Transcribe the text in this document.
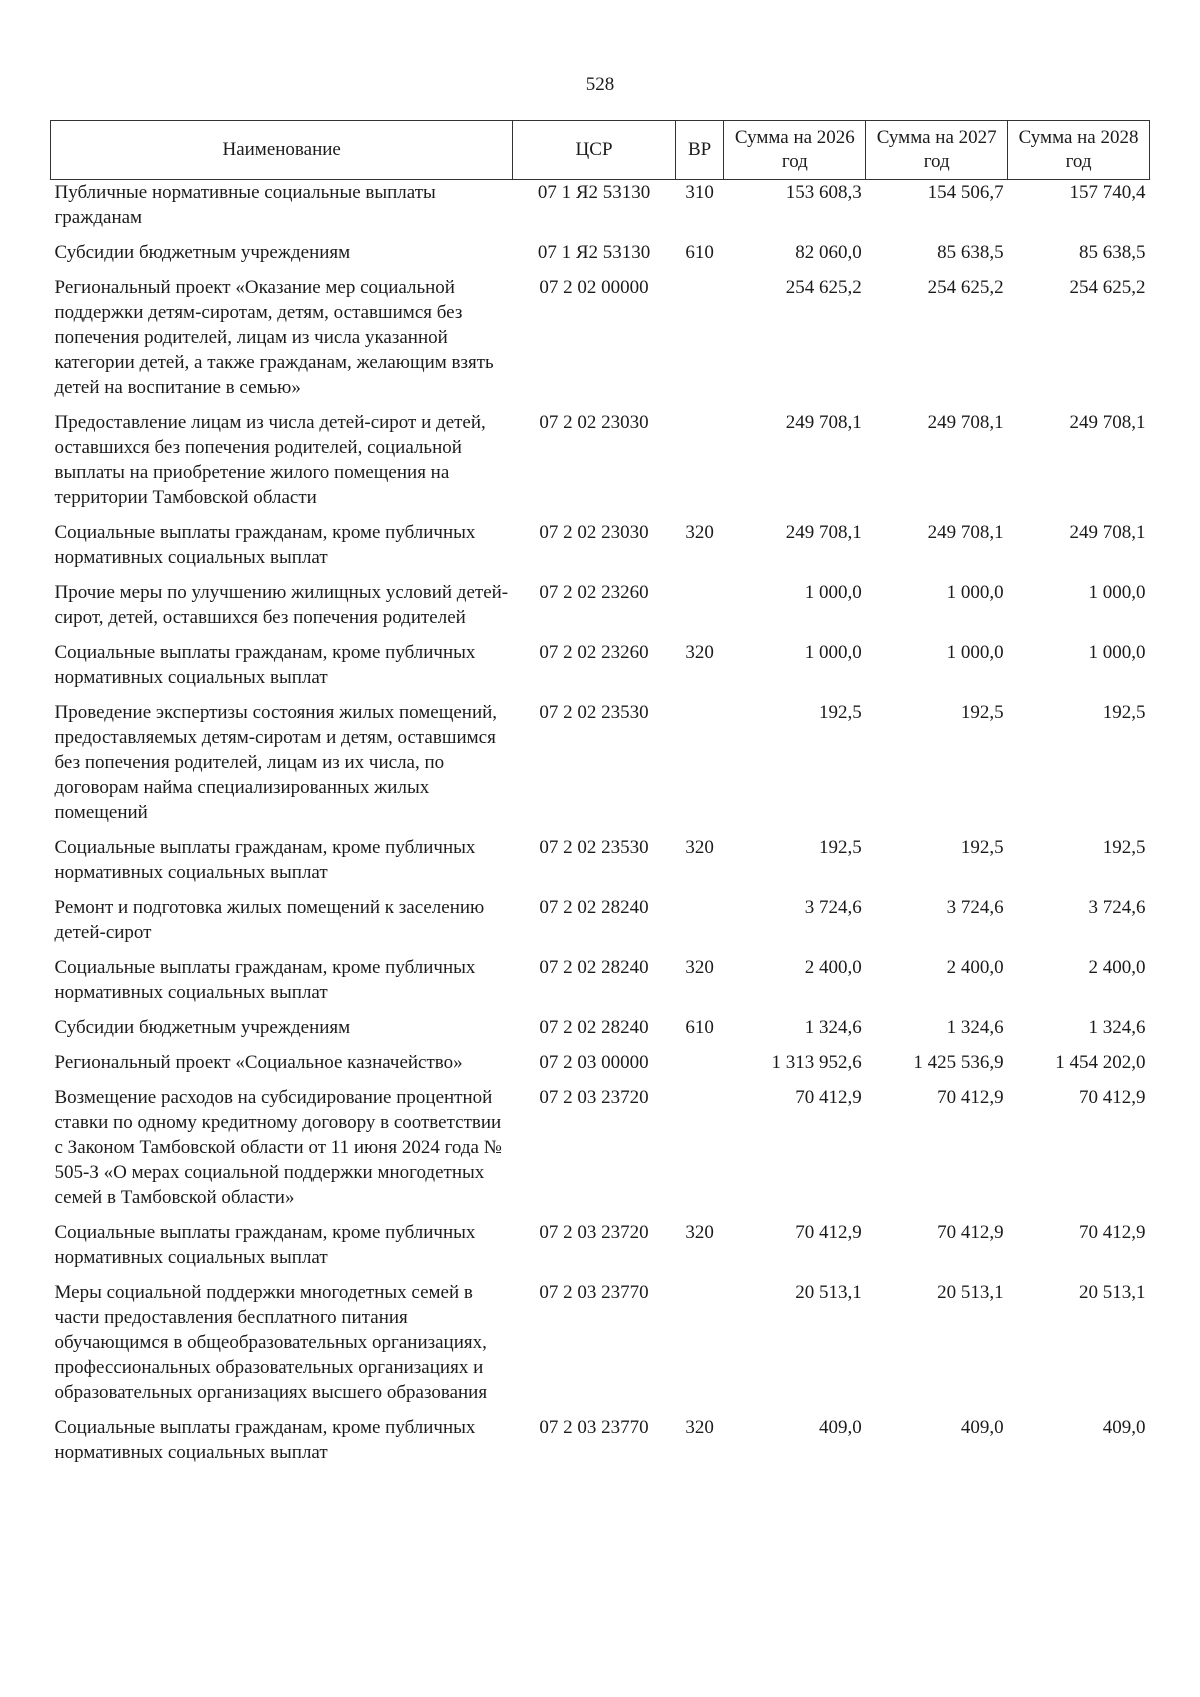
528
Наименование	ЦСР	ВР	Сумма на 2026 год	Сумма на 2027 год	Сумма на 2028 год
Публичные нормативные социальные выплаты гражданам	07 1 Я2 53130	310	153 608,3	154 506,7	157 740,4
Субсидии бюджетным учреждениям	07 1 Я2 53130	610	82 060,0	85 638,5	85 638,5
Региональный проект «Оказание мер социальной поддержки детям-сиротам, детям, оставшимся без попечения родителей, лицам из числа указанной категории детей, а также гражданам, желающим взять детей на воспитание в семью»	07 2 02 00000		254 625,2	254 625,2	254 625,2
Предоставление лицам из числа детей-сирот и детей, оставшихся без попечения родителей, социальной выплаты на приобретение жилого помещения на территории Тамбовской области	07 2 02 23030		249 708,1	249 708,1	249 708,1
Социальные выплаты гражданам, кроме публичных нормативных социальных выплат	07 2 02 23030	320	249 708,1	249 708,1	249 708,1
Прочие меры по улучшению жилищных условий детей-сирот, детей, оставшихся без попечения родителей	07 2 02 23260		1 000,0	1 000,0	1 000,0
Социальные выплаты гражданам, кроме публичных нормативных социальных выплат	07 2 02 23260	320	1 000,0	1 000,0	1 000,0
Проведение экспертизы состояния жилых помещений, предоставляемых детям-сиротам и детям, оставшимся без попечения родителей, лицам из их числа, по договорам найма специализированных жилых помещений	07 2 02 23530		192,5	192,5	192,5
Социальные выплаты гражданам, кроме публичных нормативных социальных выплат	07 2 02 23530	320	192,5	192,5	192,5
Ремонт и подготовка жилых помещений к заселению детей-сирот	07 2 02 28240		3 724,6	3 724,6	3 724,6
Социальные выплаты гражданам, кроме публичных нормативных социальных выплат	07 2 02 28240	320	2 400,0	2 400,0	2 400,0
Субсидии бюджетным учреждениям	07 2 02 28240	610	1 324,6	1 324,6	1 324,6
Региональный проект «Социальное казначейство»	07 2 03 00000		1 313 952,6	1 425 536,9	1 454 202,0
Возмещение расходов на субсидирование процентной ставки по одному кредитному договору в соответствии с Законом Тамбовской области от 11 июня 2024 года № 505-З «О мерах социальной поддержки многодетных семей в Тамбовской области»	07 2 03 23720		70 412,9	70 412,9	70 412,9
Социальные выплаты гражданам, кроме публичных нормативных социальных выплат	07 2 03 23720	320	70 412,9	70 412,9	70 412,9
Меры социальной поддержки многодетных семей в части предоставления бесплатного питания обучающимся в общеобразовательных организациях, профессиональных образовательных организациях и образовательных организациях высшего образования	07 2 03 23770		20 513,1	20 513,1	20 513,1
Социальные выплаты гражданам, кроме публичных нормативных социальных выплат	07 2 03 23770	320	409,0	409,0	409,0
